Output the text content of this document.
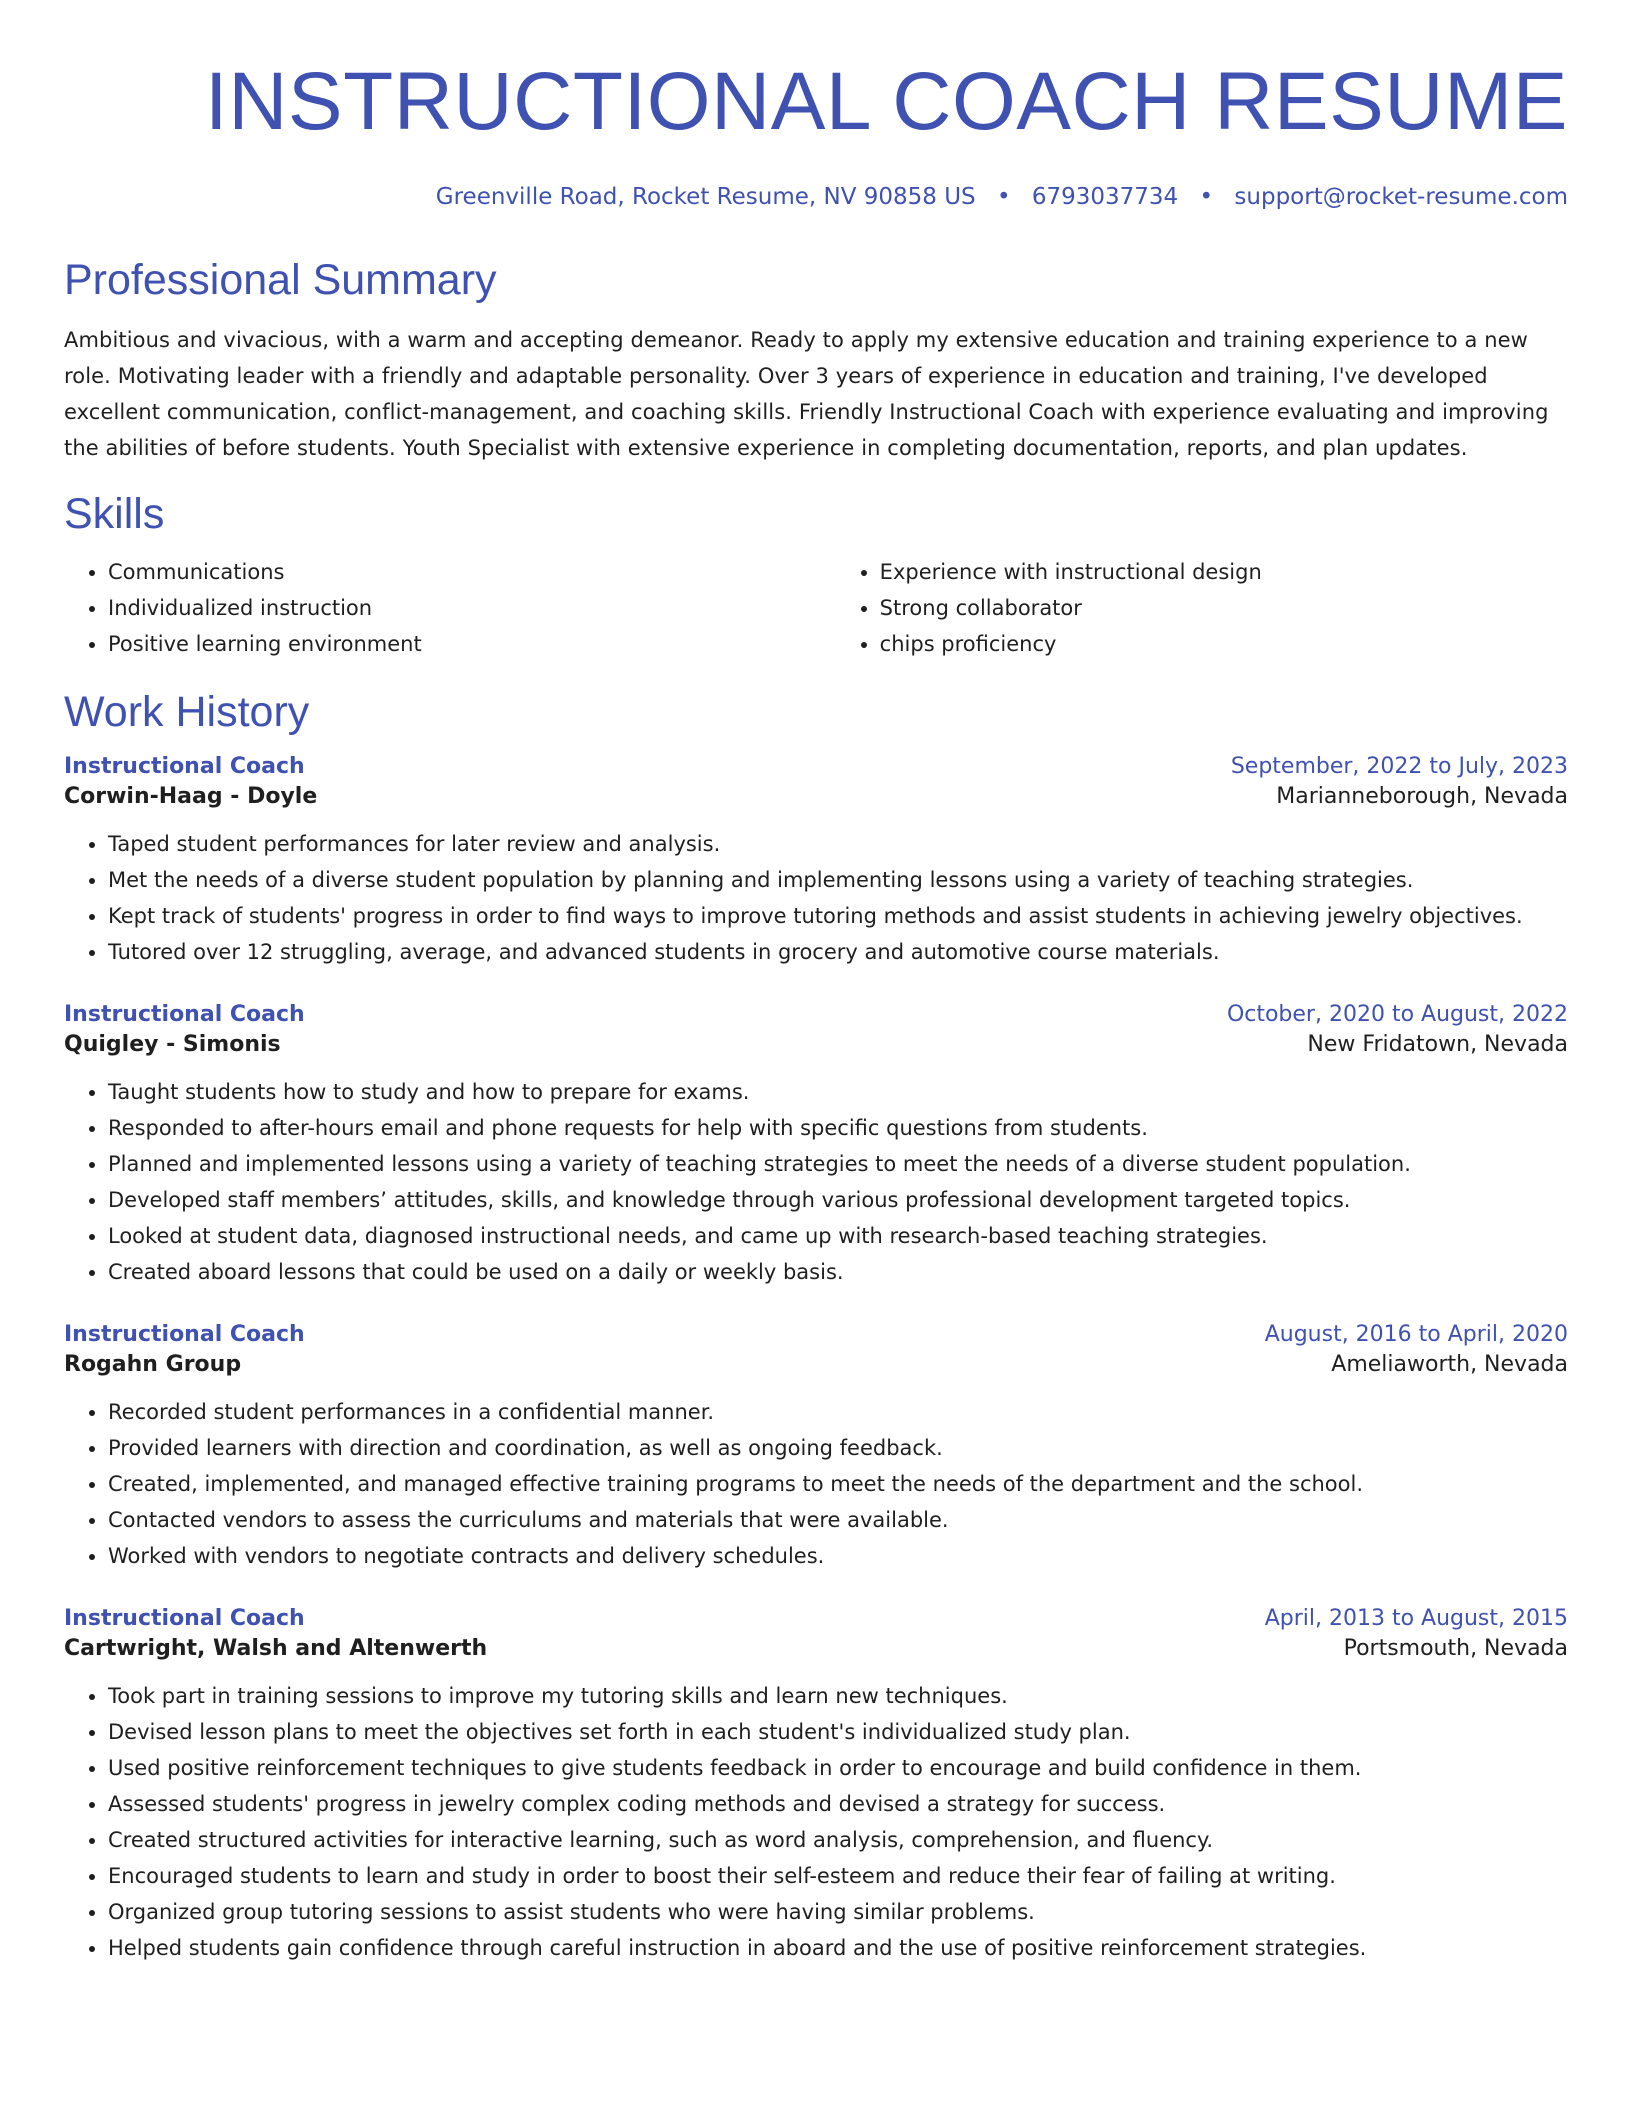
INSTRUCTIONAL COACH RESUME
Greenville Road, Rocket Resume, NV 90858 US • 6793037734 • support@rocket-resume.com
Professional Summary
Ambitious and vivacious, with a warm and accepting demeanor. Ready to apply my extensive education and training experience to a new role. Motivating leader with a friendly and adaptable personality. Over 3 years of experience in education and training, I've developed excellent communication, conflict-management, and coaching skills. Friendly Instructional Coach with experience evaluating and improving the abilities of before students. Youth Specialist with extensive experience in completing documentation, reports, and plan updates.
Skills
• Communications
• Individualized instruction
• Positive learning environment
• Experience with instructional design
• Strong collaborator
• chips proficiency
Work History
Instructional Coach	September, 2022 to July, 2023
Corwin-Haag - Doyle	Marianneborough, Nevada
• Taped student performances for later review and analysis.
• Met the needs of a diverse student population by planning and implementing lessons using a variety of teaching strategies.
• Kept track of students' progress in order to find ways to improve tutoring methods and assist students in achieving jewelry objectives.
• Tutored over 12 struggling, average, and advanced students in grocery and automotive course materials.
Instructional Coach	October, 2020 to August, 2022
Quigley - Simonis	New Fridatown, Nevada
• Taught students how to study and how to prepare for exams.
• Responded to after-hours email and phone requests for help with specific questions from students.
• Planned and implemented lessons using a variety of teaching strategies to meet the needs of a diverse student population.
• Developed staff members’ attitudes, skills, and knowledge through various professional development targeted topics.
• Looked at student data, diagnosed instructional needs, and came up with research-based teaching strategies.
• Created aboard lessons that could be used on a daily or weekly basis.
Instructional Coach	August, 2016 to April, 2020
Rogahn Group	Ameliaworth, Nevada
• Recorded student performances in a confidential manner.
• Provided learners with direction and coordination, as well as ongoing feedback.
• Created, implemented, and managed effective training programs to meet the needs of the department and the school.
• Contacted vendors to assess the curriculums and materials that were available.
• Worked with vendors to negotiate contracts and delivery schedules.
Instructional Coach	April, 2013 to August, 2015
Cartwright, Walsh and Altenwerth	Portsmouth, Nevada
• Took part in training sessions to improve my tutoring skills and learn new techniques.
• Devised lesson plans to meet the objectives set forth in each student's individualized study plan.
• Used positive reinforcement techniques to give students feedback in order to encourage and build confidence in them.
• Assessed students' progress in jewelry complex coding methods and devised a strategy for success.
• Created structured activities for interactive learning, such as word analysis, comprehension, and fluency.
• Encouraged students to learn and study in order to boost their self-esteem and reduce their fear of failing at writing.
• Organized group tutoring sessions to assist students who were having similar problems.
• Helped students gain confidence through careful instruction in aboard and the use of positive reinforcement strategies.
